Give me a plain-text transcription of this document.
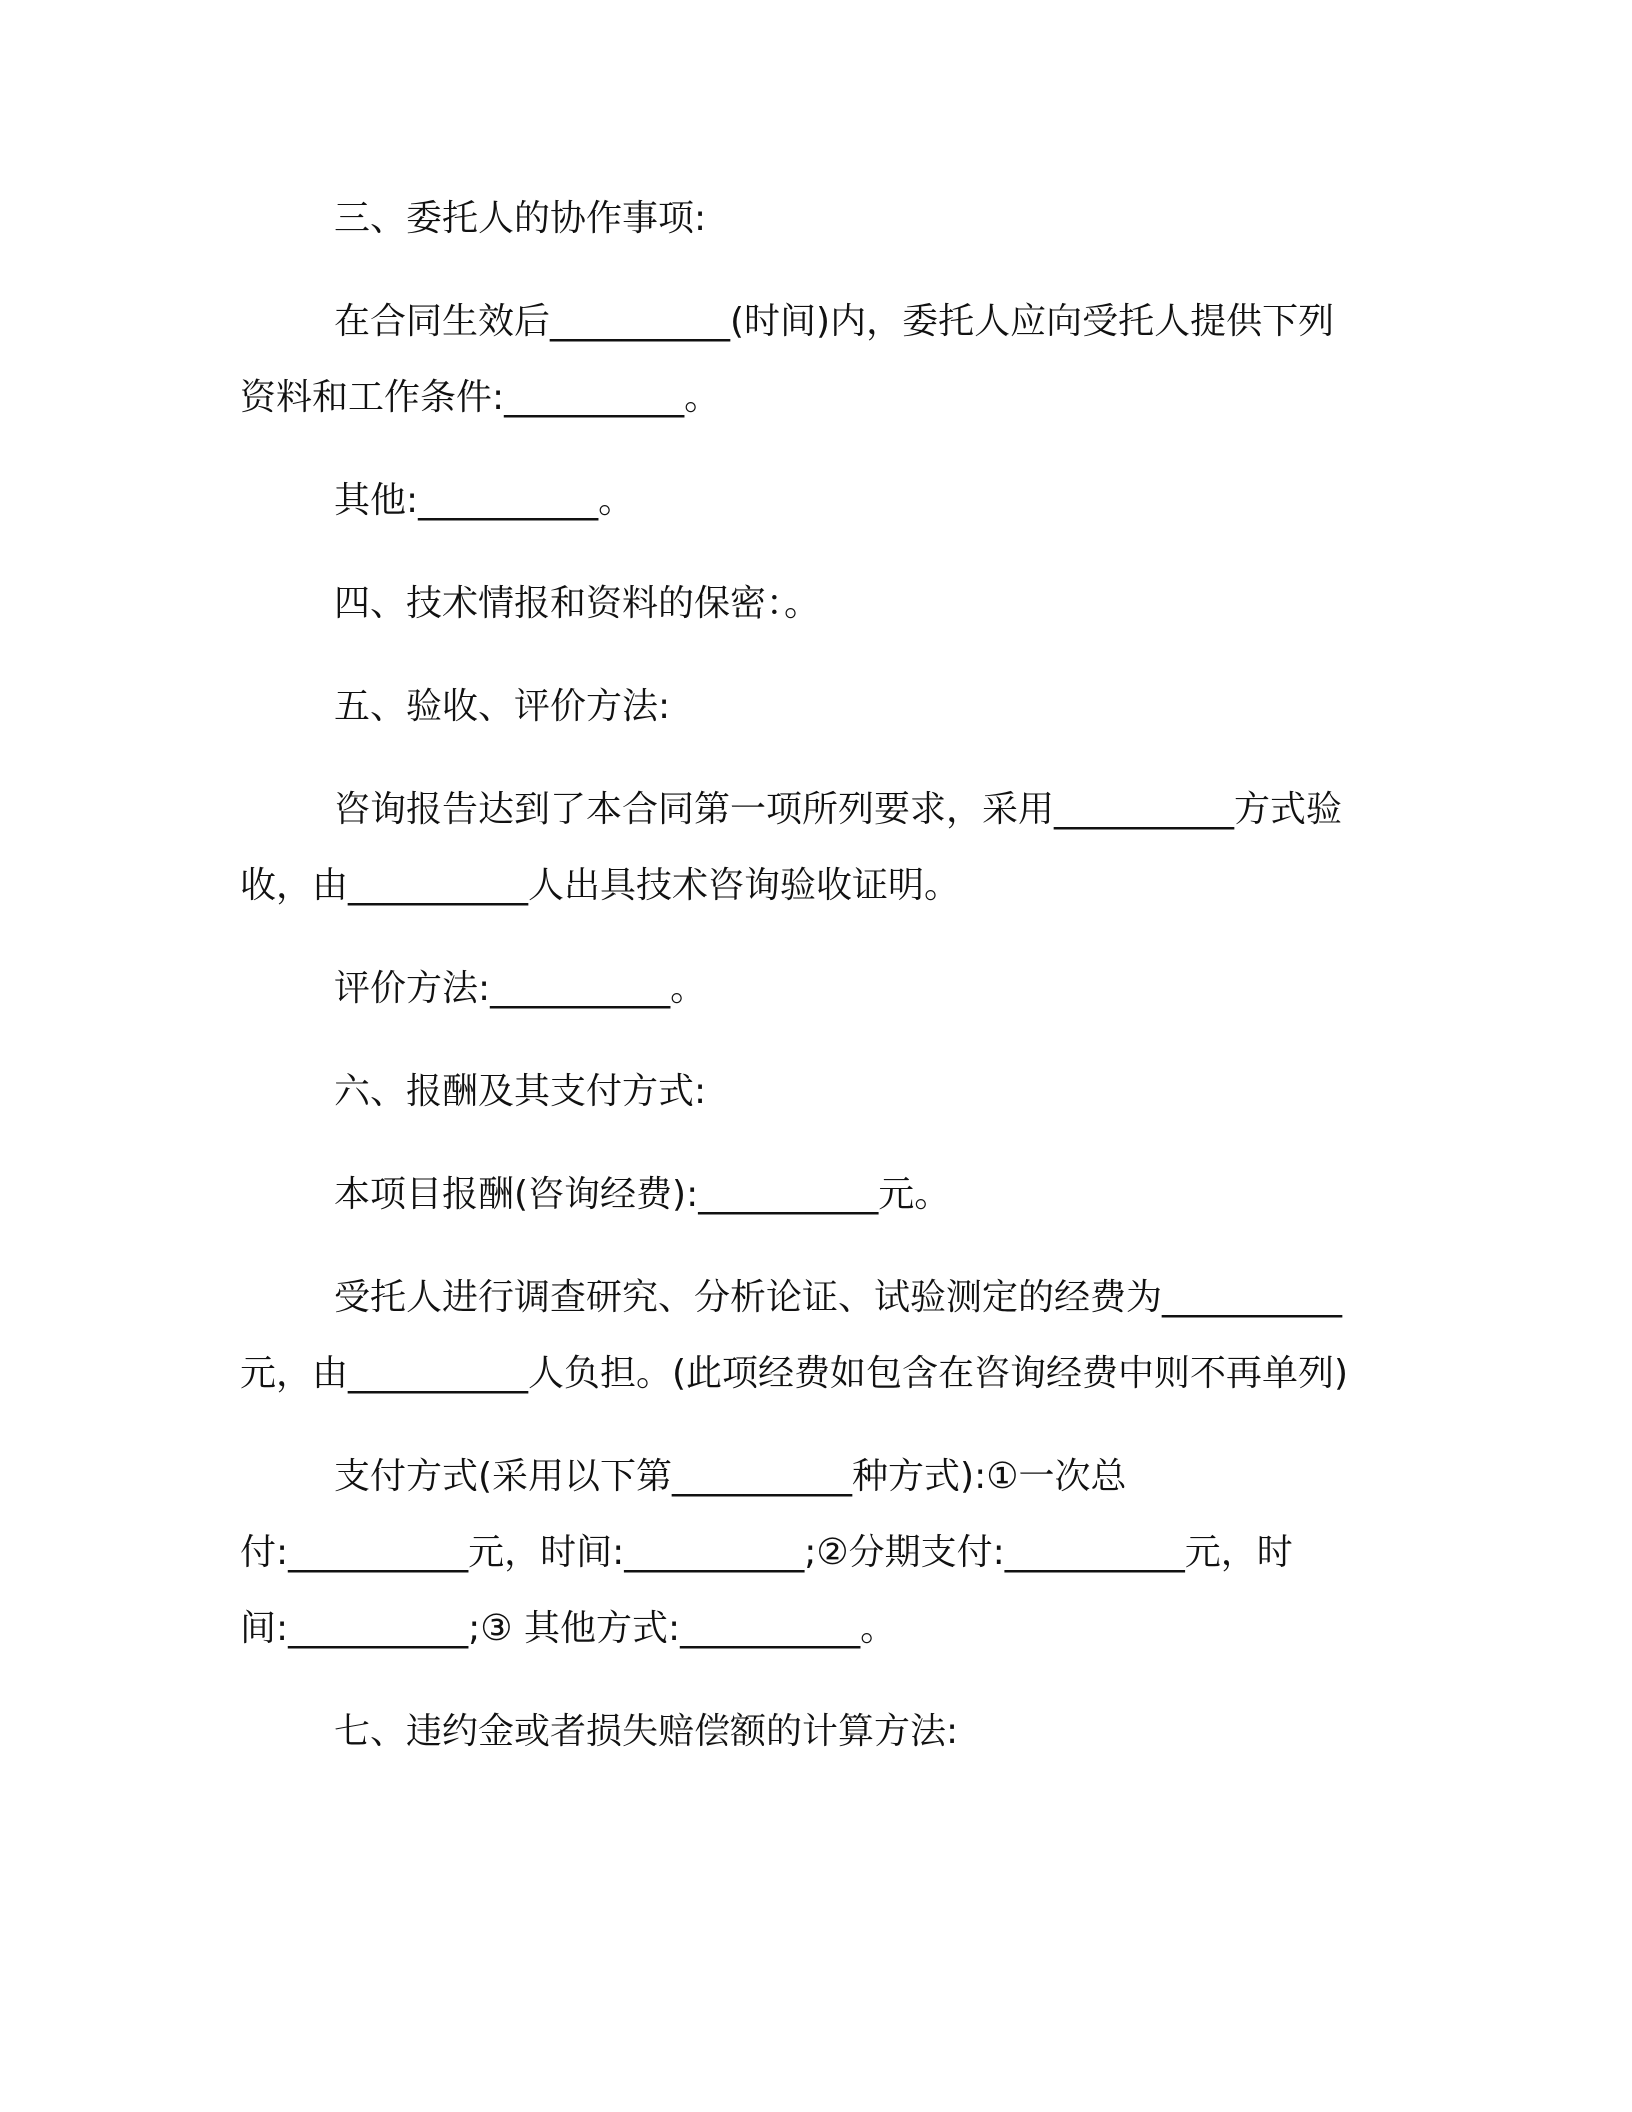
三、委托人的协作事项:
在合同生效后__________(时间)内，委托人应向受托人提供下列
资料和工作条件:__________。
其他:__________。
四、技术情报和资料的保密：。
五、验收、评价方法:
咨询报告达到了本合同第一项所列要求，采用__________方式验
收，由__________人出具技术咨询验收证明。
评价方法:__________。
六、报酬及其支付方式:
本项目报酬(咨询经费):__________元。
受托人进行调查研究、分析论证、试验测定的经费为__________
元，由__________人负担。(此项经费如包含在咨询经费中则不再单列)
支付方式(采用以下第__________种方式):①一次总
付:__________元，时间:__________;②分期支付:__________元，时
间:__________;③ 其他方式:__________。
七、违约金或者损失赔偿额的计算方法:
